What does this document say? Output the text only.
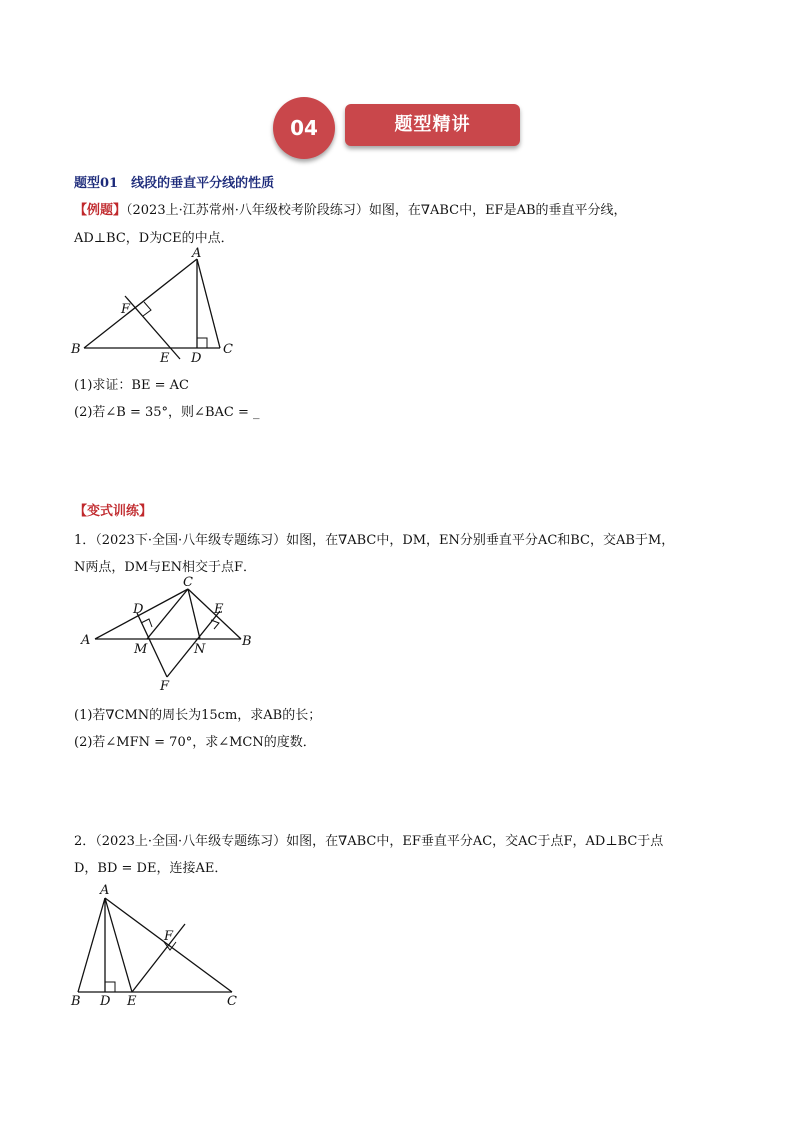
04	题型精讲
题型01　线段的垂直平分线的性质
【例题】（2023上·江苏常州·八年级校考阶段练习）如图，在∇ABC中，EF是AB的垂直平分线，
AD⊥BC，D为CE的中点．
B	C
A
D
E
F
(1)求证：BE = AC
(2)若∠B = 35°，则∠BAC = _
【变式训练】
1．（2023下·全国·八年级专题练习）如图，在∇ABC中，DM，EN分别垂直平分AC和BC，交AB于M，
N两点，DM与EN相交于点F．
A	B
C
D	E
M	N
F
(1)若∇CMN的周长为15cm，求AB的长；
(2)若∠MFN = 70°，求∠MCN的度数．
2．（2023上·全国·八年级专题练习）如图，在∇ABC中，EF垂直平分AC，交AC于点F，AD⊥BC于点
D，BD = DE，连接AE．
A
B D E	C
F
